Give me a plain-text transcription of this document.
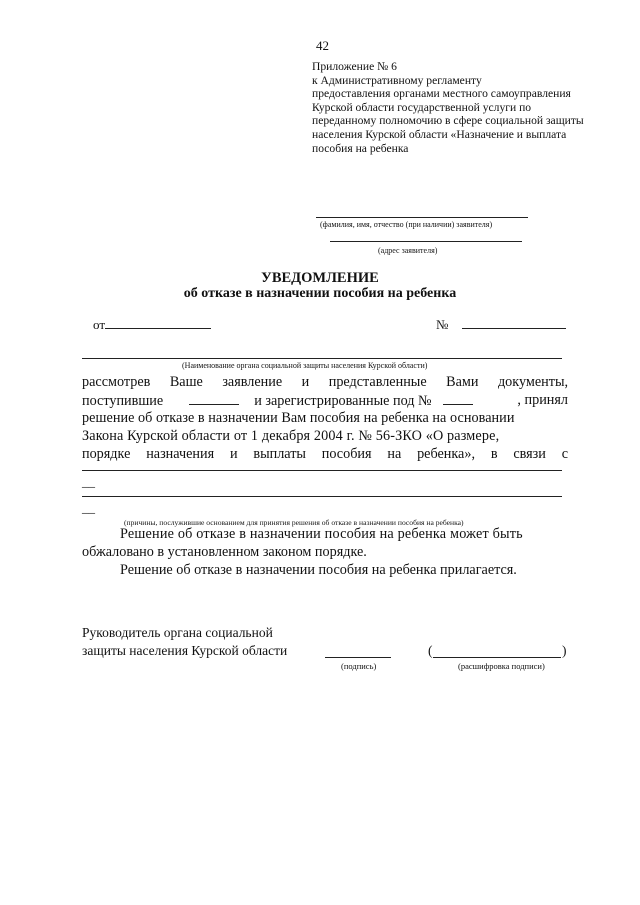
42
Приложение № 6
к Административному регламенту
предоставления органами местного самоуправления
Курской области государственной услуги по
переданному полномочию в сфере социальной защиты
населения Курской области «Назначение и выплата
пособия на ребенка
(фамилия, имя, отчество (при наличии) заявителя)
(адрес заявителя)
УВЕДОМЛЕНИЕ
об отказе в назначении пособия на ребенка
от	№
(Наименование органа социальной защиты населения Курской области)
рассмотрев Ваше заявление и представленные Вами документы,
поступившие	и зарегистрированные под №	, принял
решение об отказе в назначении Вам пособия на ребенка на основании
Закона Курской области от 1 декабря 2004 г. № 56-ЗКО «О размере,
порядке назначения и выплаты пособия на ребенка», в связи с
__
__
(причины, послужившие основанием для принятия решения об отказе в назначении пособия на ребенка)
Решение об отказе в назначении пособия на ребенка может быть
обжаловано в установленном законом порядке.
Решение об отказе в назначении пособия на ребенка прилагается.
Руководитель органа социальной
защиты населения Курской области
(подпись)
(	)
(расшифровка подписи)
